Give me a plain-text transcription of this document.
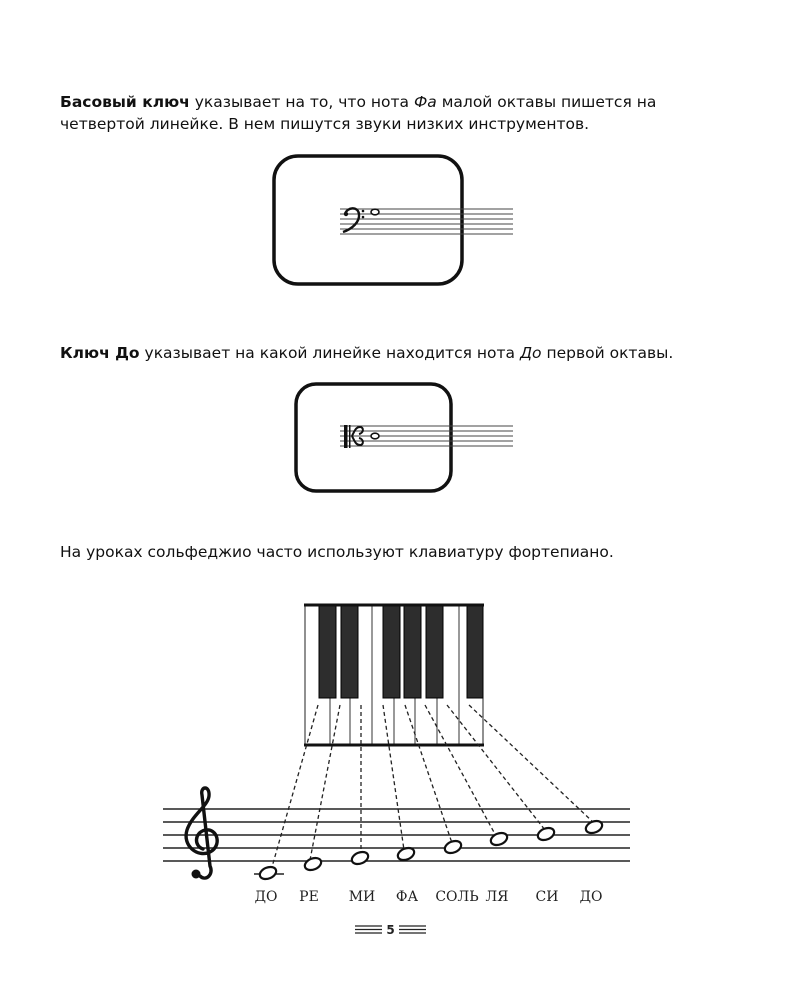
Басовый ключ указывает на то, что нота Фа малой октавы пишется на четвертой линейке. В нем пишутся звуки низких инструментов.

Ключ До указывает на какой линейке находится нота До первой октавы.

На уроках сольфеджио часто используют клавиатуру фортепиано.

ДО РЕ МИ ФА СОЛЬ ЛЯ СИ ДО
5
